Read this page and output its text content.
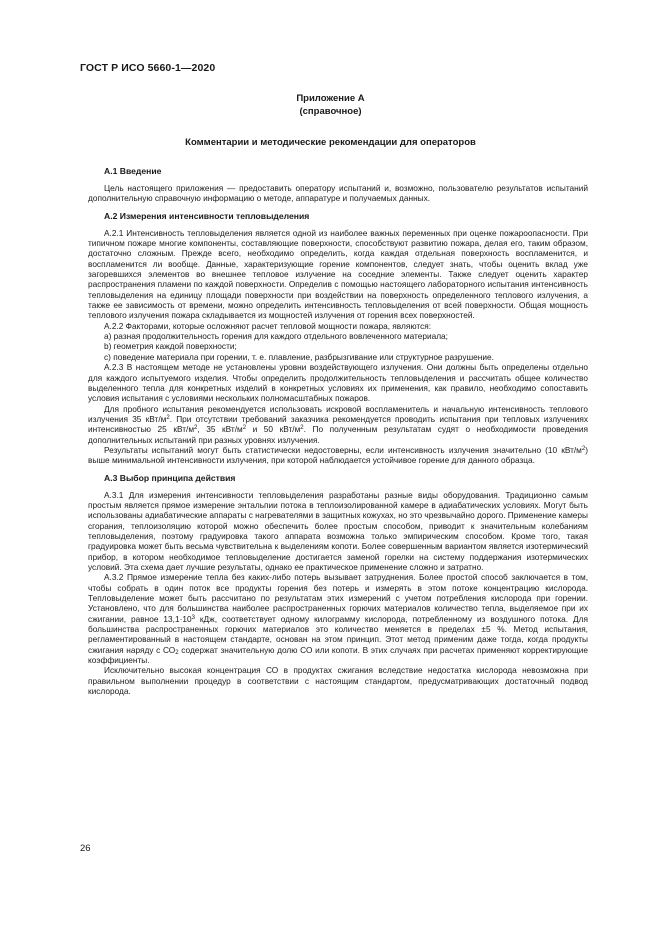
ГОСТ Р ИСО 5660-1—2020
Приложение А
(справочное)
Комментарии и методические рекомендации для операторов
А.1 Введение

Цель настоящего приложения — предоставить оператору испытаний и, возможно, пользователю результатов испытаний дополнительную справочную информацию о методе, аппаратуре и получаемых данных.

А.2 Измерения интенсивности тепловыделения

А.2.1 Интенсивность тепловыделения является одной из наиболее важных переменных при оценке пожароопасности. При типичном пожаре многие компоненты, составляющие поверхности, способствуют развитию пожара, делая его, таким образом, достаточно сложным. Прежде всего, необходимо определить, когда каждая отдельная поверхность воспламенится, и воспламенится ли вообще. Данные, характеризующие горение компонентов, следует знать, чтобы оценить вклад уже загоревшихся элементов во внешнее тепловое излучение на соседние элементы. Также следует оценить характер распространения пламени по каждой поверхности. Определив с помощью настоящего лабораторного испытания интенсивность тепловыделения на единицу площади поверхности при воздействии на поверхность определенного теплового излучения, а также ее зависимость от времени, можно определить интенсивность тепловыделения от всей поверхности. Общая мощность теплового излучения пожара складывается из мощностей излучения от горения всех поверхностей.

А.2.2 Факторами, которые осложняют расчет тепловой мощности пожара, являются:

а) разная продолжительность горения для каждого отдельного вовлеченного материала;

b) геометрия каждой поверхности;

с) поведение материала при горении, т. е. плавление, разбрызгивание или структурное разрушение.

А.2.3 В настоящем методе не установлены уровни воздействующего излучения. Они должны быть определены отдельно для каждого испытуемого изделия. Чтобы определить продолжительность тепловыделения и рассчитать общее количество выделенного тепла для конкретных изделий в конкретных условиях их применения, как правило, необходимо сопоставить условия испытания с условиями нескольких полномасштабных пожаров.

Для пробного испытания рекомендуется использовать искровой воспламенитель и начальную интенсивность теплового излучения 35 кВт/$м^2$. При отсутствии требований заказчика рекомендуется проводить испытания при тепловых излучениях интенсивностью 25 кВт/$м^2$, 35 кВт/$м^2$ и 50 кВт/$м^2$. По полученным результатам судят о необходимости проведения дополнительных испытаний при разных уровнях излучения.

Результаты испытаний могут быть статистически недостоверны, если интенсивность излучения значительно (10 кВт/$м^2$) выше минимальной интенсивности излучения, при которой наблюдается устойчивое горение для данного образца.

А.3 Выбор принципа действия

А.3.1 Для измерения интенсивности тепловыделения разработаны разные виды оборудования. Традиционно самым простым является прямое измерение энтальпии потока в теплоизолированной камере в адиабатических условиях. Могут быть использованы адиабатические аппараты с нагревателями в защитных кожухах, но это чрезвычайно дорого. Применение камеры сгорания, теплоизоляцию которой можно обеспечить более простым способом, приводит к значительным колебаниям тепловыделения, поэтому градуировка такого аппарата возможна только эмпирическим способом. Кроме того, такая градуировка может быть весьма чувствительна к выделениям копоти. Более совершенным вариантом является изотермический прибор, в котором необходимое тепловыделение достигается заменой горелки на систему поддержания изотермических условий. Эта схема дает лучшие результаты, однако ее практическое применение сложно и затратно.

А.3.2 Прямое измерение тепла без каких-либо потерь вызывает затруднения. Более простой способ заключается в том, чтобы собрать в один поток все продукты горения без потерь и измерять в этом потоке концентрацию кислорода. Тепловыделение может быть рассчитано по результатам этих измерений с учетом потребления кислорода при горении. Установлено, что для большинства наиболее распространенных горючих материалов количество тепла, выделяемое при их сжигании, равное $13,1\cdot 10^3$ кДж, соответствует одному килограмму кислорода, потребленному из воздушного потока. Для большинства распространенных горючих материалов это количество меняется в пределах ±5 %. Метод испытания, регламентированный в настоящем стандарте, основан на этом принцип. Этот метод применим даже тогда, когда продукты сжигания наряду с $СО_2$ содержат значительную долю СО или копоти. В этих случаях при расчетах применяют корректирующие коэффициенты.

Исключительно высокая концентрация СО в продуктах сжигания вследствие недостатка кислорода невозможна при правильном выполнении процедур в соответствии с настоящим стандартом, предусматривающих достаточный подвод кислорода.

26
